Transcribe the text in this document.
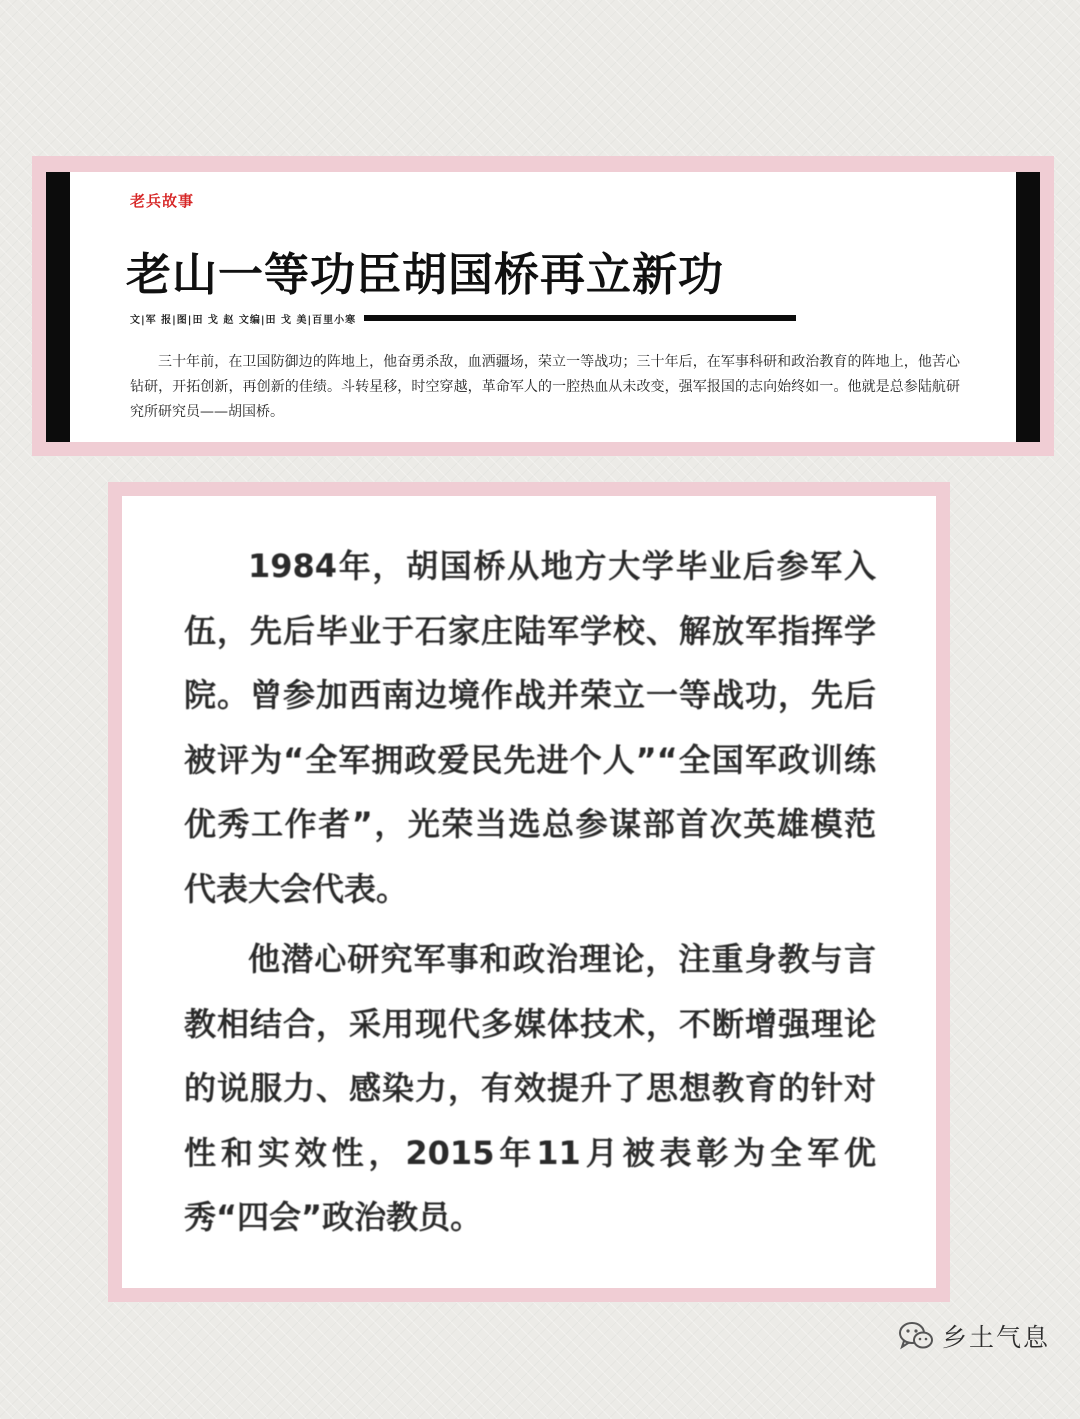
老兵故事
老山一等功臣胡国桥再立新功
文|军 报|图|田 戈 赵 文编|田 戈 美|百里小寒

三十年前，在卫国防御边的阵地上，他奋勇杀敌，血洒疆场，荣立一等战功；三十年后，在军事科研和政治教育的阵地上，他苦心钻研，开拓创新，再创新的佳绩。斗转星移，时空穿越，革命军人的一腔热血从未改变，强军报国的志向始终如一。他就是总参陆航研究所研究员——胡国桥。

1984年，胡国桥从地方大学毕业后参军入伍，先后毕业于石家庄陆军学校、解放军指挥学院。曾参加西南边境作战并荣立一等战功，先后被评为“全军拥政爱民先进个人”“全国军政训练优秀工作者”，光荣当选总参谋部首次英雄模范代表大会代表。

他潜心研究军事和政治理论，注重身教与言教相结合，采用现代多媒体技术，不断增强理论的说服力、感染力，有效提升了思想教育的针对性和实效性，2015年11月被表彰为全军优秀“四会”政治教员。

乡土气息
